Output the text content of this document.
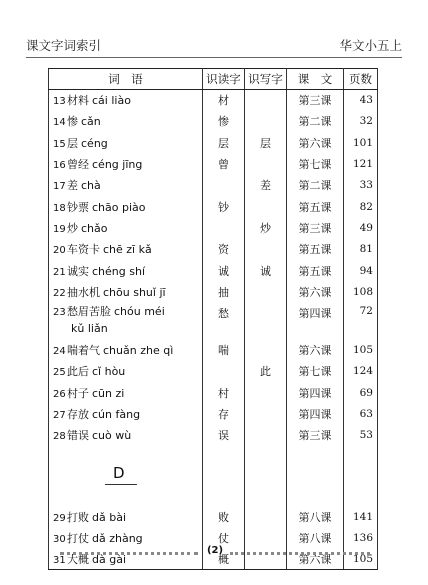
课文字词索引	华文小五上
词　语	识读字	识写字	课　文	页数
13材料 cái liào	材		第三课	43
14惨 cǎn	惨		第二课	32
15层 céng	层	层	第六课	101
16曾经 céng jīng	曾		第七课	121
17差 chà		差	第二课	33
18钞票 chāo piào	钞		第五课	82
19炒 chǎo		炒	第三课	49
20车资卡 chē zī kǎ	资		第五课	81
21诚实 chéng shí	诚	诚	第五课	94
22抽水机 chōu shuǐ jī	抽		第六课	108
23愁眉苦脸 chóu méi
kǔ liǎn	愁		第四课	72
24喘着气 chuǎn zhe qì	喘		第六课	105
25此后 cǐ hòu		此	第七课	124
26村子 cūn zi	村		第四课	69
27存放 cún fàng	存		第四课	63
28错误 cuò wù	误		第三课	53

D				

29打败 dǎ bài	败		第八课	141
30打仗 dǎ zhàng	仗		第八课	136
31大概 dà gài	概		第六课	105
(2)
